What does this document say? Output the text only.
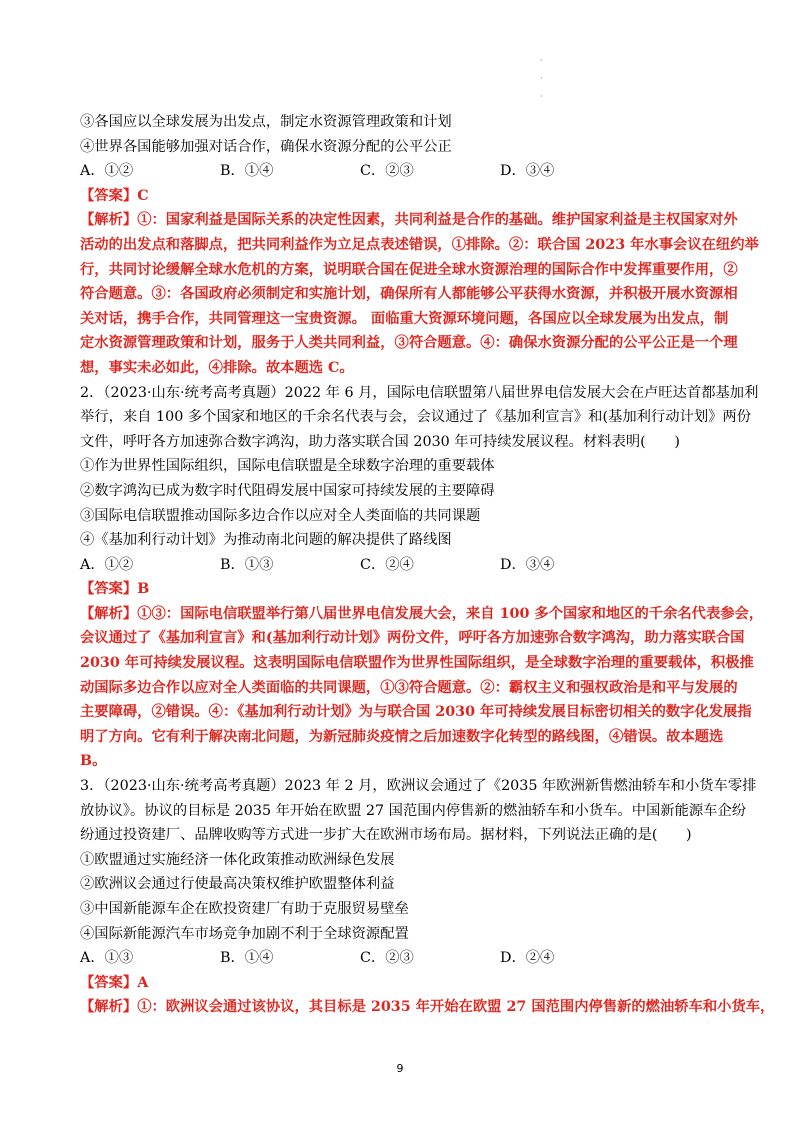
·
·
·
③各国应以全球发展为出发点，制定水资源管理政策和计划
④世界各国能够加强对话合作，确保水资源分配的公平公正
A．①②	B．①④	C．②③	D．③④
【答案】C
【解析】①：国家利益是国际关系的决定性因素，共同利益是合作的基础。维护国家利益是主权国家对外
活动的出发点和落脚点，把共同利益作为立足点表述错误，①排除。②：联合国 2023 年水事会议在纽约举
行，共同讨论缓解全球水危机的方案，说明联合国在促进全球水资源治理的国际合作中发挥重要作用，②
符合题意。③：各国政府必须制定和实施计划，确保所有人都能够公平获得水资源，并积极开展水资源相
关对话，携手合作，共同管理这一宝贵资源。 面临重大资源环境问题，各国应以全球发展为出发点，制
定水资源管理政策和计划，服务于人类共同利益，③符合题意。④：确保水资源分配的公平公正是一个理
想，事实未必如此，④排除。故本题选 C。
2．（2023·山东·统考高考真题）2022 年 6 月，国际电信联盟第八届世界电信发展大会在卢旺达首都基加利
举行，来自 100 多个国家和地区的千余名代表与会，会议通过了《基加利宣言》和(基加利行动计划》两份
文件，呼吁各方加速弥合数字鸿沟，助力落实联合国 2030 年可持续发展议程。材料表明(　　)
①作为世界性国际组织，国际电信联盟是全球数字治理的重要载体
②数字鸿沟已成为数字时代阻碍发展中国家可持续发展的主要障碍
③国际电信联盟推动国际多边合作以应对全人类面临的共同课题
④《基加利行动计划》为推动南北问题的解决提供了路线图
A．①②	B．①③	C．②④	D．③④
【答案】B
【解析】①③：国际电信联盟举行第八届世界电信发展大会，来自 100 多个国家和地区的千余名代表参会，
会议通过了《基加利宣言》和(基加利行动计划》两份文件，呼吁各方加速弥合数字鸿沟，助力落实联合国
2030 年可持续发展议程。这表明国际电信联盟作为世界性国际组织，是全球数字治理的重要载体，积极推
动国际多边合作以应对全人类面临的共同课题，①③符合题意。②：霸权主义和强权政治是和平与发展的
主要障碍，②错误。④：《基加利行动计划》为与联合国 2030 年可持续发展目标密切相关的数字化发展指
明了方向。它有利于解决南北问题，为新冠肺炎疫情之后加速数字化转型的路线图，④错误。故本题选
B。
3．（2023·山东·统考高考真题）2023 年 2 月，欧洲议会通过了《2035 年欧洲新售燃油轿车和小货车零排
放协议》。协议的目标是 2035 年开始在欧盟 27 国范围内停售新的燃油轿车和小货车。中国新能源车企纷
纷通过投资建厂、品牌收购等方式进一步扩大在欧洲市场布局。据材料，下列说法正确的是(　　)
①欧盟通过实施经济一体化政策推动欧洲绿色发展
②欧洲议会通过行使最高决策权维护欧盟整体利益
③中国新能源车企在欧投资建厂有助于克服贸易壁垒
④国际新能源汽车市场竞争加剧不利于全球资源配置
A．①③	B．①④	C．②③	D．②④
【答案】A
【解析】①：欧洲议会通过该协议，其目标是 2035 年开始在欧盟 27 国范围内停售新的燃油轿车和小货车，
9
